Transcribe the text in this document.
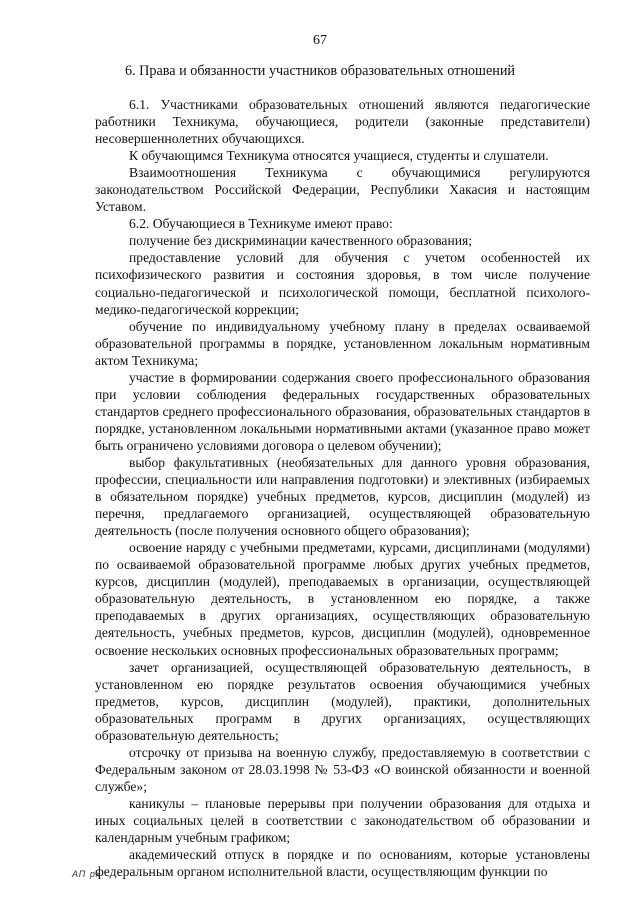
67
6. Права и обязанности участников образовательных отношений

6.1. Участниками образовательных отношений являются педагогические работники Техникума, обучающиеся, родители (законные представители) несовершеннолетних обучающихся.

К обучающимся Техникума относятся учащиеся, студенты и слушатели.

Взаимоотношения Техникума с обучающимися регулируются законодательством Российской Федерации, Республики Хакасия и настоящим Уставом.

6.2. Обучающиеся в Техникуме имеют право:

получение без дискриминации качественного образования;

предоставление условий для обучения с учетом особенностей их психофизического развития и состояния здоровья, в том числе получение социально-педагогической и психологической помощи, бесплатной психолого-медико-педагогической коррекции;

обучение по индивидуальному учебному плану в пределах осваиваемой образовательной программы в порядке, установленном локальным нормативным актом Техникума;

участие в формировании содержания своего профессионального образования при условии соблюдения федеральных государственных образовательных стандартов среднего профессионального образования, образовательных стандартов в порядке, установленном локальными нормативными актами (указанное право может быть ограничено условиями договора о целевом обучении);

выбор факультативных (необязательных для данного уровня образования, профессии, специальности или направления подготовки) и элективных (избираемых в обязательном порядке) учебных предметов, курсов, дисциплин (модулей) из перечня, предлагаемого организацией, осуществляющей образовательную деятельность (после получения основного общего образования);

освоение наряду с учебными предметами, курсами, дисциплинами (модулями) по осваиваемой образовательной программе любых других учебных предметов, курсов, дисциплин (модулей), преподаваемых в организации, осуществляющей образовательную деятельность, в установленном ею порядке, а также преподаваемых в других организациях, осуществляющих образовательную деятельность, учебных предметов, курсов, дисциплин (модулей), одновременное освоение нескольких основных профессиональных образовательных программ;

зачет организацией, осуществляющей образовательную деятельность, в установленном ею порядке результатов освоения обучающимися учебных предметов, курсов, дисциплин (модулей), практики, дополнительных образовательных программ в других организациях, осуществляющих образовательную деятельность;

отсрочку от призыва на военную службу, предоставляемую в соответствии с Федеральным законом от 28.03.1998 № 53-ФЗ «О воинской обязанности и военной службе»;

каникулы – плановые перерывы при получении образования для отдыха и иных социальных целей в соответствии с законодательством об образовании и календарным учебным графиком;

академический отпуск в порядке и по основаниям, которые установлены федеральным органом исполнительной власти, осуществляющим функции по

АП рх
